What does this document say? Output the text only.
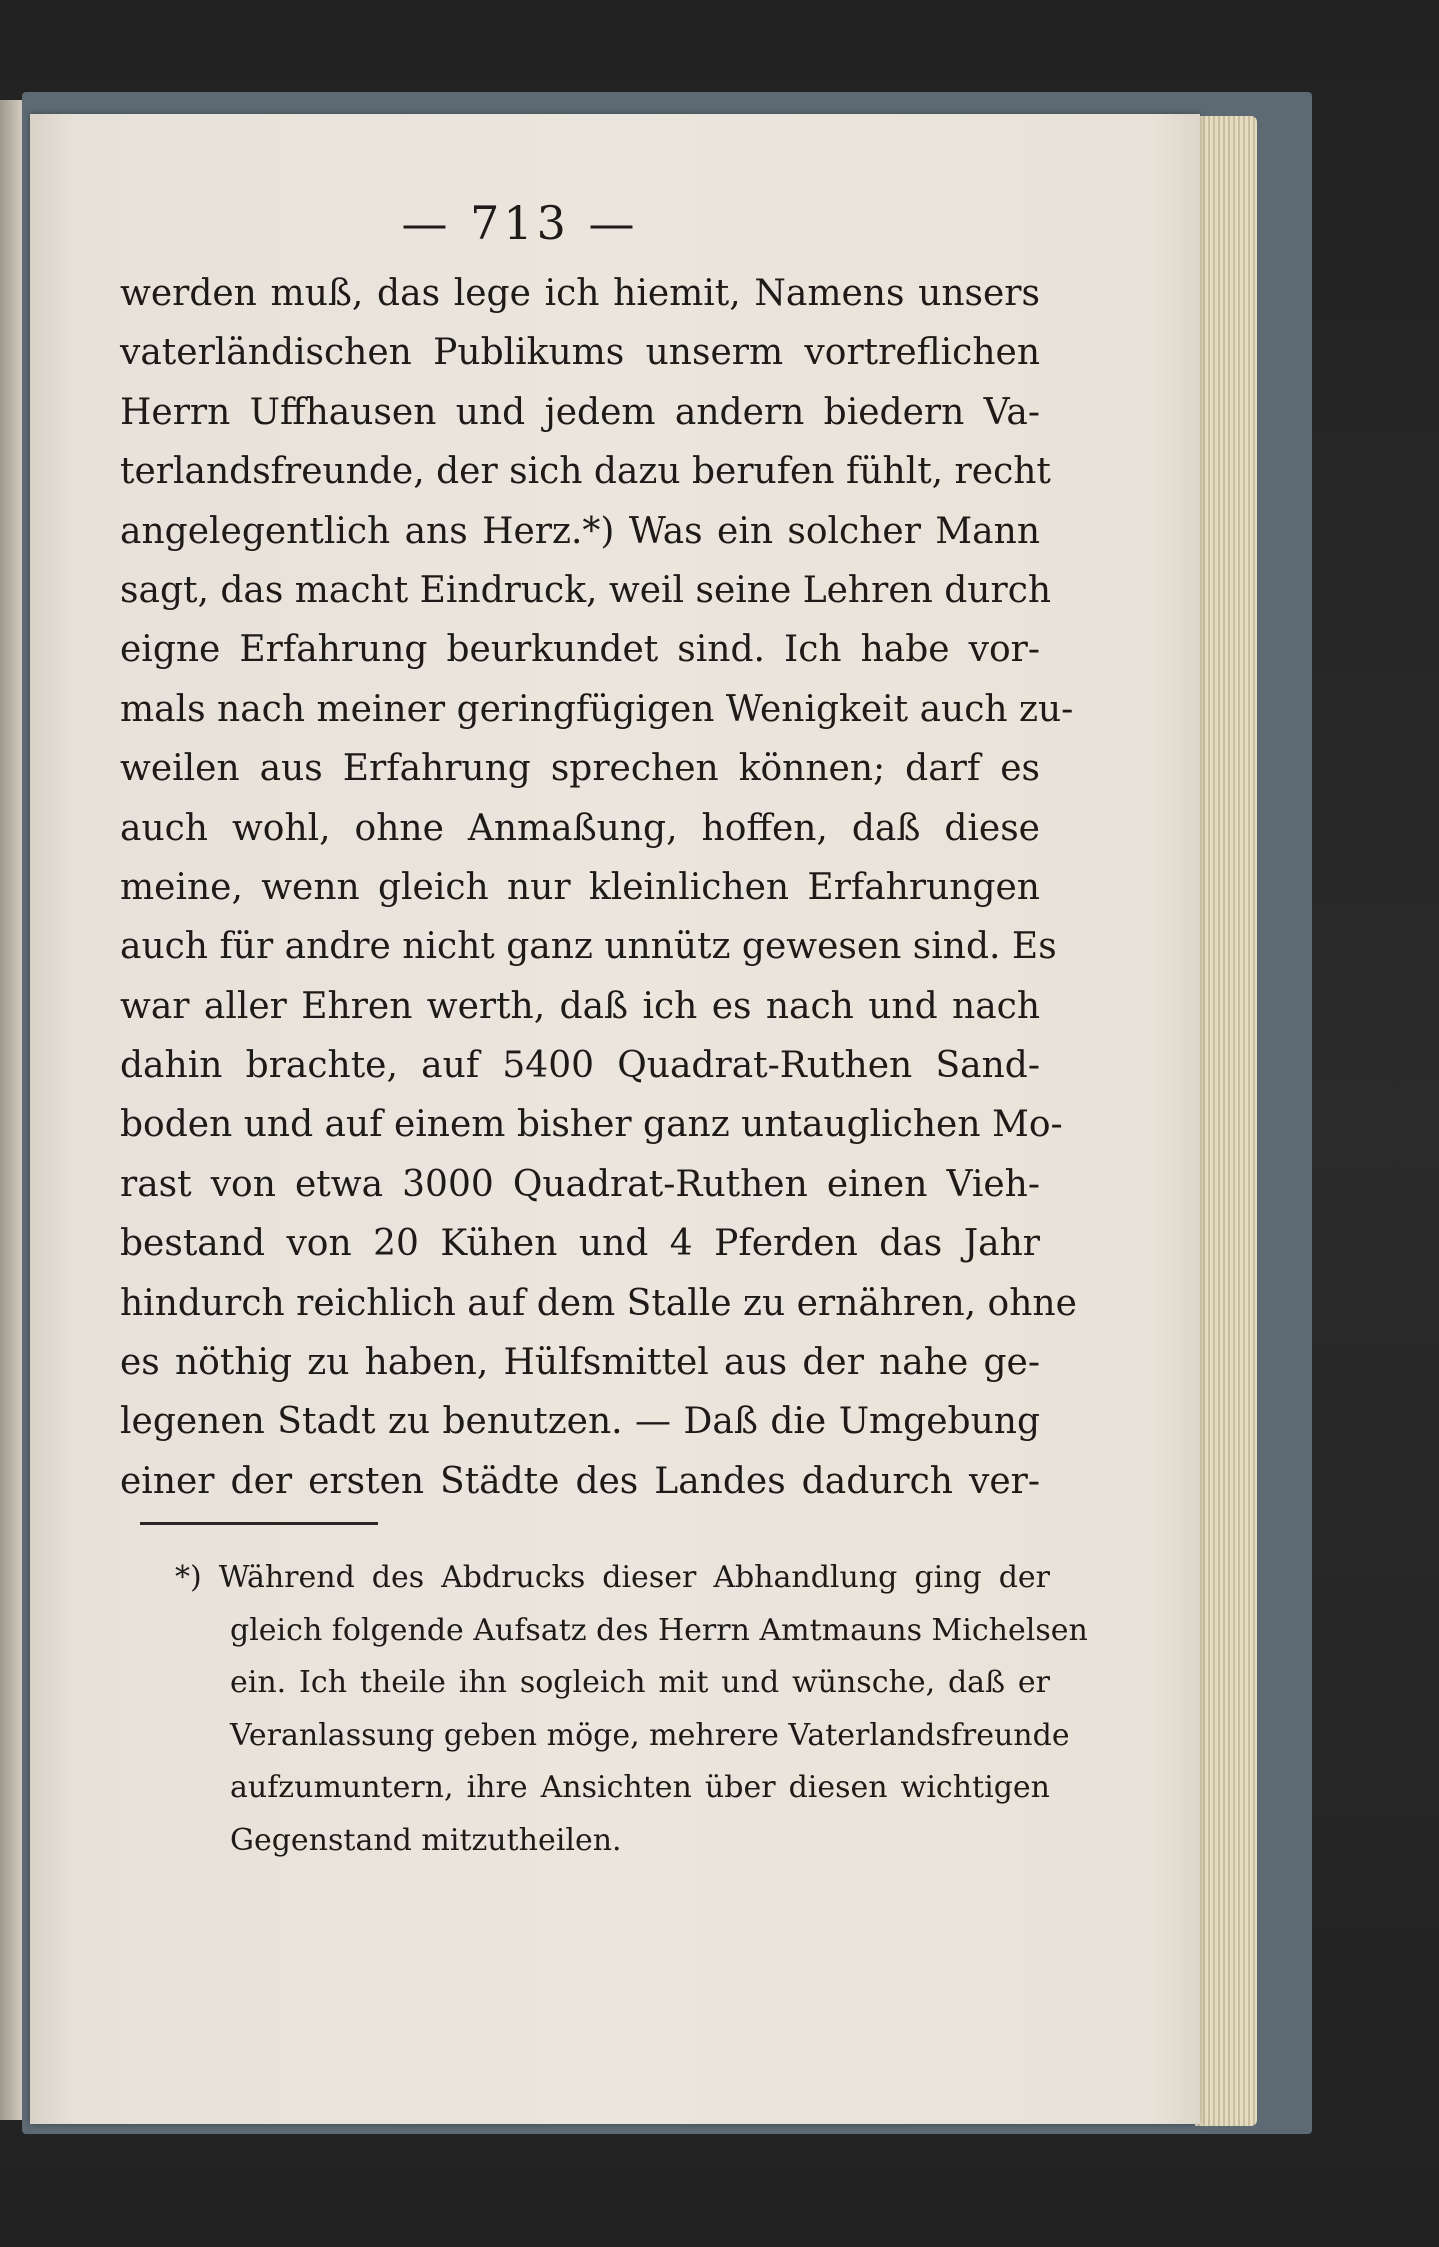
— 713 —
werden muß, das lege ich hiemit, Namens unsers
vaterländischen Publikums unserm vortreflichen
Herrn Uffhausen und jedem andern biedern Va-
terlandsfreunde, der sich dazu berufen fühlt, recht
angelegentlich ans Herz.*) Was ein solcher Mann
sagt, das macht Eindruck, weil seine Lehren durch
eigne Erfahrung beurkundet sind. Ich habe vor-
mals nach meiner geringfügigen Wenigkeit auch zu-
weilen aus Erfahrung sprechen können; darf es
auch wohl, ohne Anmaßung, hoffen, daß diese
meine, wenn gleich nur kleinlichen Erfahrungen
auch für andre nicht ganz unnütz gewesen sind. Es
war aller Ehren werth, daß ich es nach und nach
dahin brachte, auf 5400 Quadrat-Ruthen Sand-
boden und auf einem bisher ganz untauglichen Mo-
rast von etwa 3000 Quadrat-Ruthen einen Vieh-
bestand von 20 Kühen und 4 Pferden das Jahr
hindurch reichlich auf dem Stalle zu ernähren, ohne
es nöthig zu haben, Hülfsmittel aus der nahe ge-
legenen Stadt zu benutzen. — Daß die Umgebung
einer der ersten Städte des Landes dadurch ver-
*) Während des Abdrucks dieser Abhandlung ging der
gleich folgende Aufsatz des Herrn Amtmauns Michelsen
ein. Ich theile ihn sogleich mit und wünsche, daß er
Veranlassung geben möge, mehrere Vaterlandsfreunde
aufzumuntern, ihre Ansichten über diesen wichtigen
Gegenstand mitzutheilen.
